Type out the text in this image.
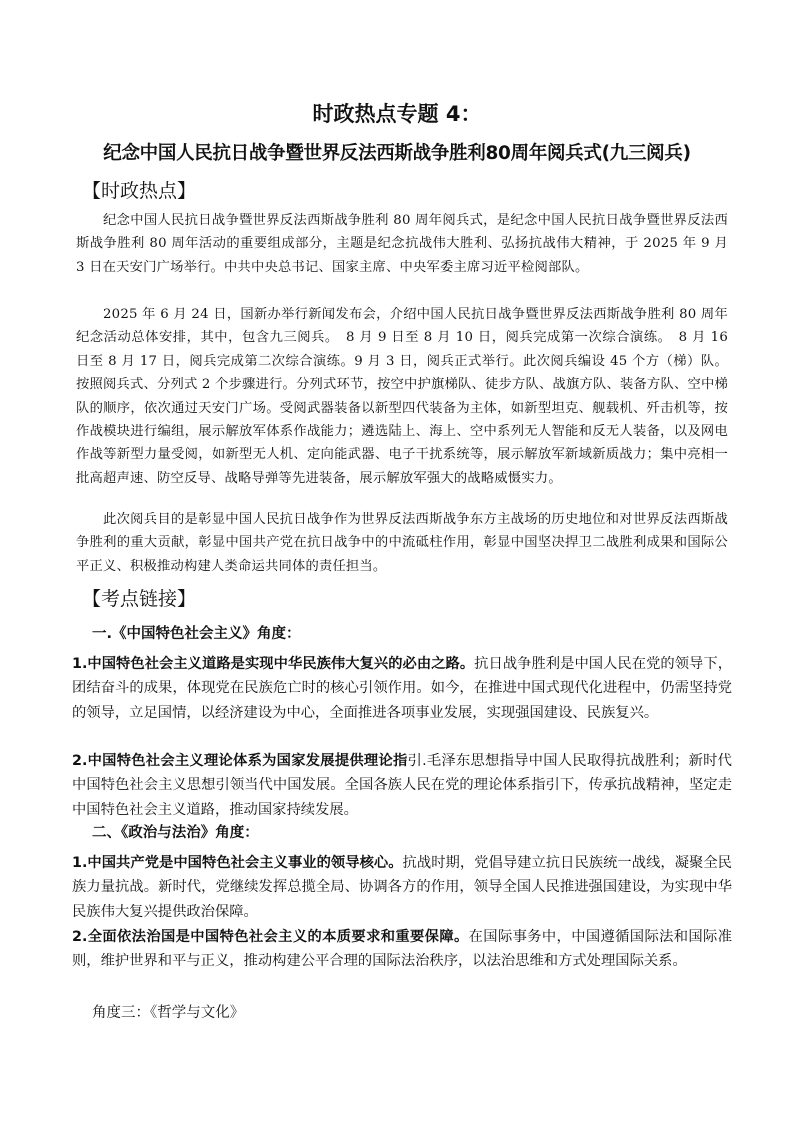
时政热点专题 4：
纪念中国人民抗日战争暨世界反法西斯战争胜利80周年阅兵式(九三阅兵)
【时政热点】

纪念中国人民抗日战争暨世界反法西斯战争胜利 80 周年阅兵式，是纪念中国人民抗日战争暨世界反法西斯战争胜利 80 周年活动的重要组成部分，主题是纪念抗战伟大胜利、弘扬抗战伟大精神，于 2025 年 9 月 3 日在天安门广场举行。中共中央总书记、国家主席、中央军委主席习近平检阅部队。

2025 年 6 月 24 日，国新办举行新闻发布会，介绍中国人民抗日战争暨世界反法西斯战争胜利 80 周年纪念活动总体安排，其中，包含九三阅兵。　8 月 9 日至 8 月 10 日，阅兵完成第一次综合演练。　8 月 16 日至 8 月 17 日，阅兵完成第二次综合演练。9 月 3 日，阅兵正式举行。此次阅兵编设 45 个方（梯）队。按照阅兵式、分列式 2 个步骤进行。分列式环节，按空中护旗梯队、徒步方队、战旗方队、装备方队、空中梯队的顺序，依次通过天安门广场。受阅武器装备以新型四代装备为主体，如新型坦克、舰载机、歼击机等，按作战模块进行编组，展示解放军体系作战能力；遴选陆上、海上、空中系列无人智能和反无人装备，以及网电作战等新型力量受阅，如新型无人机、定向能武器、电子干扰系统等，展示解放军新域新质战力；集中亮相一批高超声速、防空反导、战略导弹等先进装备，展示解放军强大的战略威慑实力。

此次阅兵目的是彰显中国人民抗日战争作为世界反法西斯战争东方主战场的历史地位和对世界反法西斯战争胜利的重大贡献，彰显中国共产党在抗日战争中的中流砥柱作用，彰显中国坚决捍卫二战胜利成果和国际公平正义、积极推动构建人类命运共同体的责任担当。

【考点链接】
一.《中国特色社会主义》角度：

1.中国特色社会主义道路是实现中华民族伟大复兴的必由之路。抗日战争胜利是中国人民在党的领导下，团结奋斗的成果，体现党在民族危亡时的核心引领作用。如今，在推进中国式现代化进程中，仍需坚持党的领导，立足国情，以经济建设为中心，全面推进各项事业发展，实现强国建设、民族复兴。

2.中国特色社会主义理论体系为国家发展提供理论指引.毛泽东思想指导中国人民取得抗战胜利；新时代中国特色社会主义思想引领当代中国发展。全国各族人民在党的理论体系指引下，传承抗战精神，坚定走中国特色社会主义道路，推动国家持续发展。

二、《政治与法治》角度：

1.中国共产党是中国特色社会主义事业的领导核心。抗战时期，党倡导建立抗日民族统一战线，凝聚全民族力量抗战。新时代，党继续发挥总揽全局、协调各方的作用，领导全国人民推进强国建设，为实现中华民族伟大复兴提供政治保障。

2.全面依法治国是中国特色社会主义的本质要求和重要保障。在国际事务中，中国遵循国际法和国际准则，维护世界和平与正义，推动构建公平合理的国际法治秩序，以法治思维和方式处理国际关系。

角度三：《哲学与文化》
